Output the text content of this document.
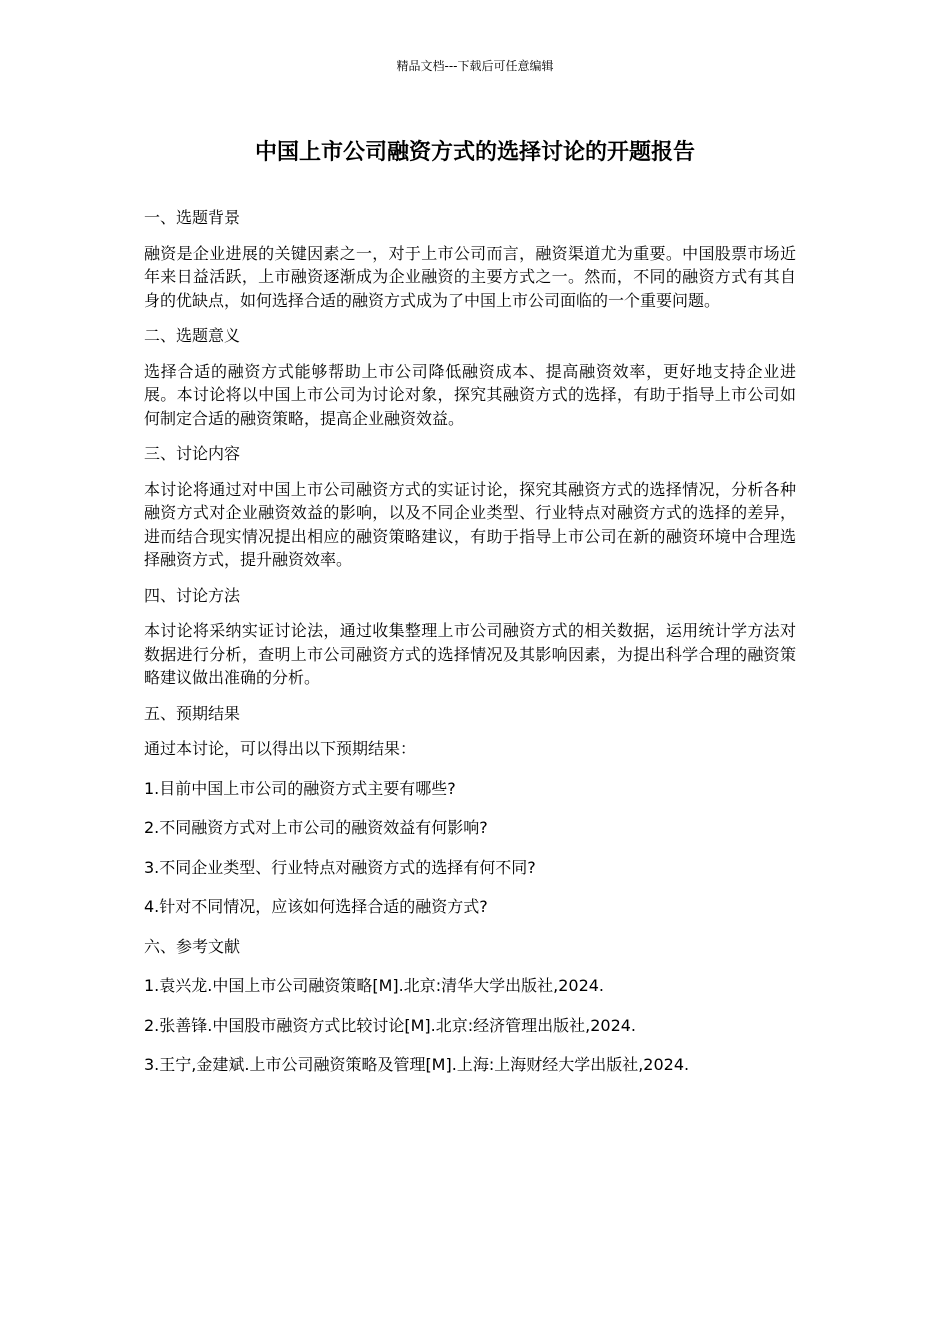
精品文档---下载后可任意编辑
中国上市公司融资方式的选择讨论的开题报告

一、选题背景

融资是企业进展的关键因素之一，对于上市公司而言，融资渠道尤为重要。中国股票市场近年来日益活跃，上市融资逐渐成为企业融资的主要方式之一。然而，不同的融资方式有其自身的优缺点，如何选择合适的融资方式成为了中国上市公司面临的一个重要问题。

二、选题意义

选择合适的融资方式能够帮助上市公司降低融资成本、提高融资效率，更好地支持企业进展。本讨论将以中国上市公司为讨论对象，探究其融资方式的选择，有助于指导上市公司如何制定合适的融资策略，提高企业融资效益。

三、讨论内容

本讨论将通过对中国上市公司融资方式的实证讨论，探究其融资方式的选择情况，分析各种融资方式对企业融资效益的影响，以及不同企业类型、行业特点对融资方式的选择的差异，进而结合现实情况提出相应的融资策略建议，有助于指导上市公司在新的融资环境中合理选择融资方式，提升融资效率。

四、讨论方法

本讨论将采纳实证讨论法，通过收集整理上市公司融资方式的相关数据，运用统计学方法对数据进行分析，查明上市公司融资方式的选择情况及其影响因素，为提出科学合理的融资策略建议做出准确的分析。

五、预期结果

通过本讨论，可以得出以下预期结果：

1.目前中国上市公司的融资方式主要有哪些?

2.不同融资方式对上市公司的融资效益有何影响?

3.不同企业类型、行业特点对融资方式的选择有何不同?

4.针对不同情况，应该如何选择合适的融资方式?

六、参考文献

1.袁兴龙.中国上市公司融资策略[M].北京:清华大学出版社,2024.

2.张善锋.中国股市融资方式比较讨论[M].北京:经济管理出版社,2024.

3.王宁,金建斌.上市公司融资策略及管理[M].上海:上海财经大学出版社,2024.
